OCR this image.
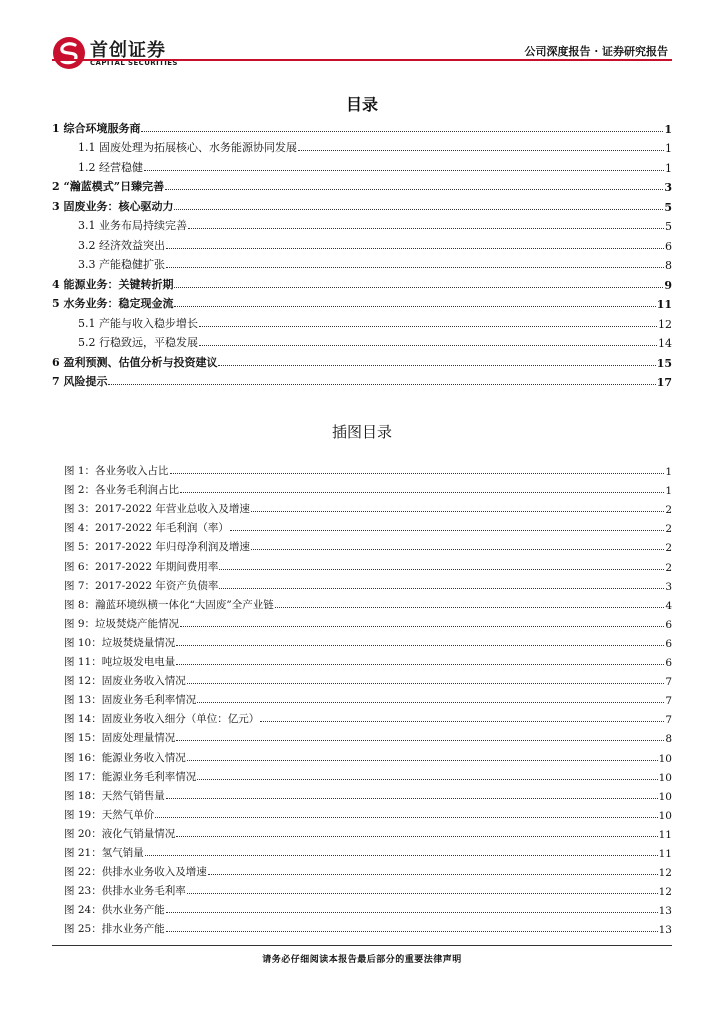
首创证券
CAPITAL SECURITIES
公司深度报告 · 证券研究报告
目录
1 综合环境服务商	1
1.1 固废处理为拓展核心、水务能源协同发展	1
1.2 经营稳健	1
2 “瀚蓝模式”日臻完善	3
3 固废业务：核心驱动力	5
3.1 业务布局持续完善	5
3.2 经济效益突出	6
3.3 产能稳健扩张	8
4 能源业务：关键转折期	9
5 水务业务：稳定现金流	11
5.1 产能与收入稳步增长	12
5.2 行稳致远，平稳发展	14
6 盈利预测、估值分析与投资建议	15
7 风险提示	17
插图目录
图 1：各业务收入占比	1
图 2：各业务毛利润占比	1
图 3：2017-2022 年营业总收入及增速	2
图 4：2017-2022 年毛利润（率）	2
图 5：2017-2022 年归母净利润及增速	2
图 6：2017-2022 年期间费用率	2
图 7：2017-2022 年资产负债率	3
图 8：瀚蓝环境纵横一体化“大固废”全产业链	4
图 9：垃圾焚烧产能情况	6
图 10：垃圾焚烧量情况	6
图 11：吨垃圾发电电量	6
图 12：固废业务收入情况	7
图 13：固废业务毛利率情况	7
图 14：固废业务收入细分（单位：亿元）	7
图 15：固废处理量情况	8
图 16：能源业务收入情况	10
图 17：能源业务毛利率情况	10
图 18：天然气销售量	10
图 19：天然气单价	10
图 20：液化气销量情况	11
图 21：氢气销量	11
图 22：供排水业务收入及增速	12
图 23：供排水业务毛利率	12
图 24：供水业务产能	13
图 25：排水业务产能	13
请务必仔细阅读本报告最后部分的重要法律声明
